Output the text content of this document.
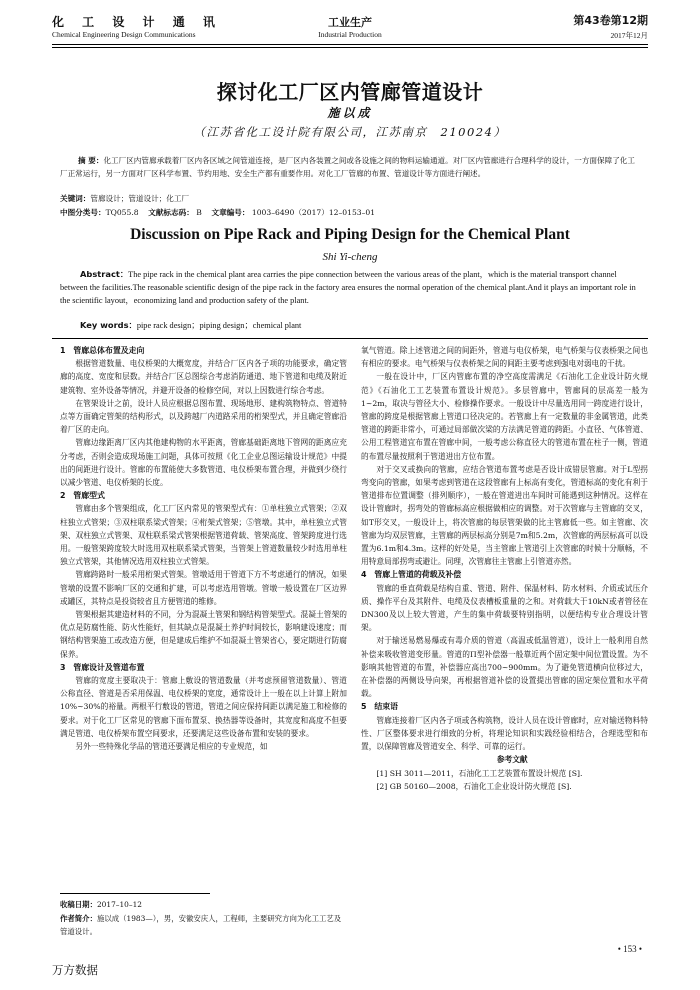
化 工 设 计 通 讯
Chemical Engineering Design Communications
工业生产
Industrial Production
第43卷第12期
2017年12月
探讨化工厂区内管廊管道设计
施以成
（江苏省化工设计院有限公司，江苏南京　210024）
摘 要：化工厂区内管廊承载着厂区内各区域之间管道连接，是厂区内各装置之间或各设施之间的物料运输通道。对厂区内管廊进行合理科学的设计，一方面保障了化工厂正常运行，另一方面对厂区科学布置、节约用地、安全生产都有重要作用。对化工厂管廊的布置、管道设计等方面进行阐述。
关键词：管廊设计；管道设计；化工厂
中图分类号：TQ055.8 文献标志码： B 文章编号： 1003–6490（2017）12–0153–01
Discussion on Pipe Rack and Piping Design for the Chemical Plant
Shi Yi-cheng
Abstract：The pipe rack in the chemical plant area carries the pipe connection between the various areas of the plant，which is the material transport channel between the facilities.The reasonable scientific design of the pipe rack in the factory area ensures the normal operation of the chemical plant.And it plays an important role in the scientific layout，economizing land and production safety of the plant.
Key words：pipe rack design；piping design；chemical plant
1　管廊总体布置及走向

根据管道数量、电仪桥架的大概宽度，并结合厂区内各子项的功能要求，确定管廊的高度、宽度和层数。并结合厂区总图综合考虑消防通道、地下管道和电缆及附近建筑物、室外设备等情况，并避开设备的检修空间，对以上因数进行综合考虑。

在管架设计之前，设计人员应根据总图布置、现场地形、建构筑物特点、管道特点等方面确定管架的结构形式，以及跨越厂内道路采用的桁架型式，并且确定管廊沿着厂区的走向。

管廊边缘距离厂区内其他建构物的水平距离，管廊基础距离地下管网的距离应充分考虑，否则会造成现场施工问题，具体可按照《化工企业总图运输设计规范》中提出的间距进行设计。管廊的布置能使大多数管道、电仪桥架布置合理，并做到少绕行以减少管道、电仪桥架的长度。

2　管廊型式

管廊由多个管架组成，化工厂区内常见的管架型式有：①单柱独立式管架；②双柱独立式管架；③双柱联系梁式管架；④桁架式管架；⑤管墩。其中，单柱独立式管架、双柱独立式管架、双柱联系梁式管架根据管道荷载、管架高度、管架跨度进行选用。一般管架跨度较大时选用双柱联系梁式管架，当管架上管道数量较少时选用单柱独立式管架，其他情况选用双柱独立式管架。

管廊跨路时一般采用桁架式管架。管墩适用于管道下方不考虑通行的情况，如果管墩的设置不影响厂区的交通和扩建，可以考虑选用管墩。管墩一般设置在厂区边界或罐区，其特点是投资较省且方便管道的维修。

管架根据其建造材料的不同，分为混凝土管架和钢结构管架型式。混凝土管架的优点是防腐性能、防火性能好，但其缺点是混凝土养护时间较长，影响建设速度；而钢结构管架施工或改造方便，但是建成后维护不如混凝土管架省心，要定期进行防腐保养。

3　管廊设计及管道布置

管廊的宽度主要取决于：管廊上敷设的管道数量（并考虑预留管道数量）、管道公称直径、管道是否采用保温、电仪桥架的宽度，通常设计上一般在以上计算上附加10%~30%的裕量。两根平行敷设的管道，管道之间应保持间距以满足施工和检修的要求。对于化工厂区常见的管廊下面布置泵、换热器等设备时，其宽度和高度不但要满足管道、电仪桥架布置空间要求，还要满足这些设备布置和安装的要求。

另外一些特殊化学品的管道还要满足相应的专业规范，如

氧气管道。除上述管道之间的间距外，管道与电仪桥架，电气桥架与仪表桥架之间也有相应的要求。电气桥架与仪表桥架之间的间距主要考虑到强电对弱电的干扰。

一般在设计中，厂区内管廊布置的净空高度需满足《石油化工企业设计防火规范》《石油化工工艺装置布置设计规范》。多层管廊中，管廊间的层高差一般为1~2m，取决与管径大小、检修操作要求。一般设计中尽量选用同一跨度进行设计，管廊的跨度是根据管廊上管道口径决定的。若管廊上有一定数量的非金属管道，此类管道的跨距非常小，可通过局部做次梁的方法满足管道的跨距。小直径、气体管道、公用工程管道宜布置在管廊中间，一般考虑公称直径大的管道布置在柱子一侧，管道的布置尽量按照利于管道进出方位布置。

对于交叉或换向的管廊，应结合管道布置考虑是否设计成错层管廊。对于L型拐弯变向的管廊，如果考虑到管道在这段管廊有上标高有变化，管道标高的变化有利于管道排布位置调整（排列顺序），一般在管道进出车间时可能遇到这种情况。这样在设计管廊时，拐弯处的管廊标高应根据做相应的调整。对于次管廊与主管廊的交叉，如T形交叉，一般设计上，将次管廊的每层管架做的比主管廊低一些。如主管廊、次管廊为均双层管廊，主管廊的两层标高分别是7m和5.2m，次管廊的两层标高可以设置为6.1m和4.3m。这样的好处是，当主管廊上管道引上次管廊的时候十分顺畅，不用特意局部拐弯或避让。同理，次管廊往主管廊上引管道亦然。

4　管廊上管道的荷载及补偿

管廊的垂直荷载是结构自重、管道、附件、保温材料、防水材料、介质或试压介质、操作平台及其附件、电缆及仪表槽板重量的之和。对荷载大于10kN或者管径在DN300及以上较大管道，产生的集中荷载要特别指明，以便结构专业合理设计管架。

对于输送易燃易爆或有毒介质的管道（高温或低温管道），设计上一般利用自然补偿来吸收管道变形量。管道的Π型补偿器一般靠近两个固定架中间位置设置。为不影响其他管道的布置，补偿器应高出700~900mm。为了避免管道横向位移过大，在补偿器的两侧设导向架，再根据管道补偿的设置提出管廊的固定架位置和水平荷载。

5　结束语

管廊连接着厂区内各子项或各构筑物，设计人员在设计管廊时，应对输送物料特性、厂区整体要求进行细致的分析，将理论知识和实践经验相结合，合理选型和布置，以保障管廊及管道安全、科学、可靠的运行。

参考文献

[1] SH 3011—2011，石油化工工艺装置布置设计规范 [S].

[2] GB 50160—2008，石油化工企业设计防火规范 [S].

收稿日期：2017–10–12
作者简介：施以成（1983—），男，安徽安庆人，工程师，主要研究方向为化工工艺及管道设计。
• 153 •
万方数据
